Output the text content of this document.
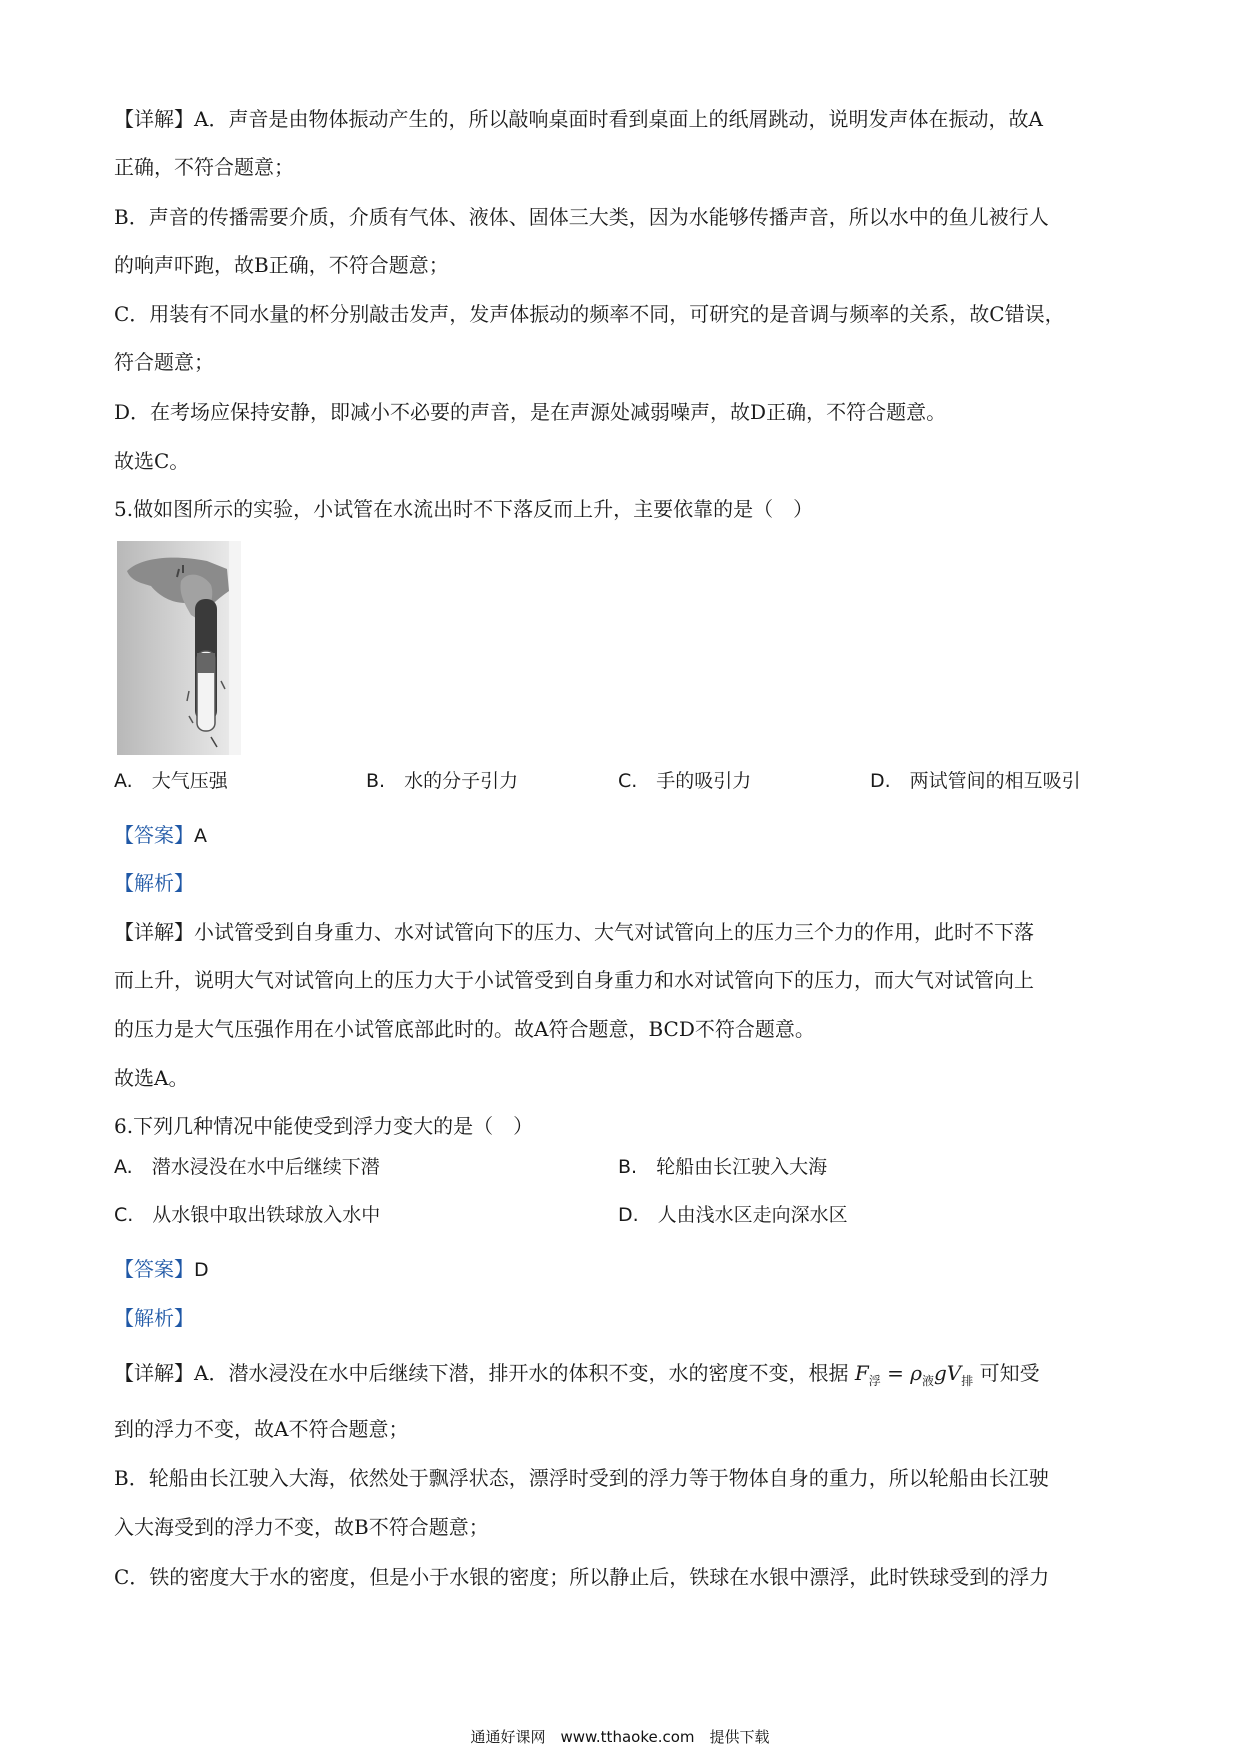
【详解】A．声音是由物体振动产生的，所以敲响桌面时看到桌面上的纸屑跳动，说明发声体在振动，故A
正确，不符合题意；
B．声音的传播需要介质，介质有气体、液体、固体三大类，因为水能够传播声音，所以水中的鱼儿被行人
的响声吓跑，故B正确，不符合题意；
C．用装有不同水量的杯分别敲击发声，发声体振动的频率不同，可研究的是音调与频率的关系，故C错误，
符合题意；
D．在考场应保持安静，即减小不必要的声音，是在声源处减弱噪声，故D正确，不符合题意。
故选C。
5.做如图所示的实验，小试管在水流出时不下落反而上升，主要依靠的是（　）
A.　大气压强	B.　水的分子引力	C.　手的吸引力	D.　两试管间的相互吸引
【答案】A
【解析】
【详解】小试管受到自身重力、水对试管向下的压力、大气对试管向上的压力三个力的作用，此时不下落
而上升，说明大气对试管向上的压力大于小试管受到自身重力和水对试管向下的压力，而大气对试管向上
的压力是大气压强作用在小试管底部此时的。故A符合题意，BCD不符合题意。
故选A。
6.下列几种情况中能使受到浮力变大的是（　）
A.　潜水浸没在水中后继续下潜	B.　轮船由长江驶入大海
C.　从水银中取出铁球放入水中	D.　人由浅水区走向深水区
【答案】D
【解析】
【详解】A．潜水浸没在水中后继续下潜，排开水的体积不变，水的密度不变，根据 $F_浮 = \rho_液gV_排$ 可知受
到的浮力不变，故A不符合题意；
B．轮船由长江驶入大海，依然处于飘浮状态，漂浮时受到的浮力等于物体自身的重力，所以轮船由长江驶
入大海受到的浮力不变，故B不符合题意；
C．铁的密度大于水的密度，但是小于水银的密度；所以静止后，铁球在水银中漂浮，此时铁球受到的浮力
通通好课网　www.tthaoke.com　提供下载
